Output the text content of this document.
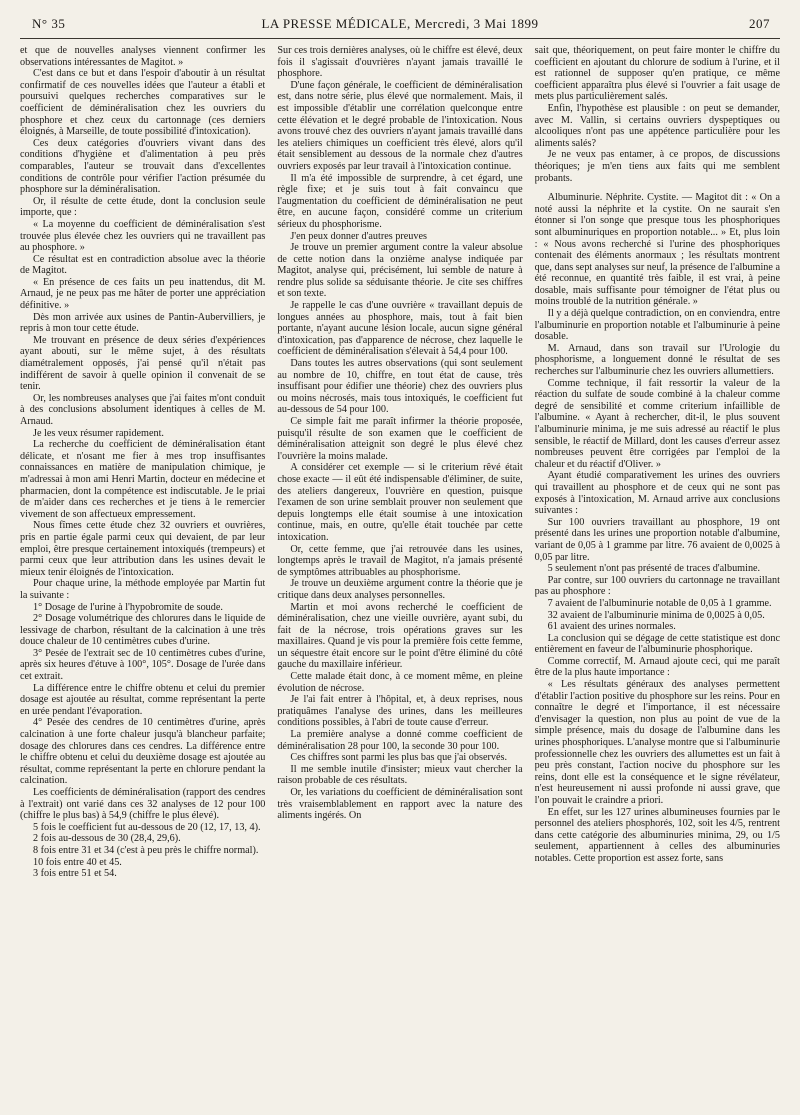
N° 35	LA PRESSE MÉDICALE, Mercredi, 3 Mai 1899	207

et que de nouvelles analyses viennent confirmer les observations intéressantes de Magitot. »

C'est dans ce but et dans l'espoir d'aboutir à un résultat confirmatif de ces nouvelles idées que l'auteur a établi et poursuivi quelques recherches comparatives sur le coefficient de déminéralisation chez les ouvriers du phosphore et chez ceux du cartonnage (ces derniers éloignés, à Marseille, de toute possibilité d'intoxication).

Ces deux catégories d'ouvriers vivant dans des conditions d'hygiène et d'alimentation à peu près comparables, l'auteur se trouvait dans d'excellentes conditions de contrôle pour vérifier l'action présumée du phosphore sur la déminéralisation.

Or, il résulte de cette étude, dont la conclusion seule importe, que :

« La moyenne du coefficient de déminéralisation s'est trouvée plus élevée chez les ouvriers qui ne travaillent pas au phosphore. »

Ce résultat est en contradiction absolue avec la théorie de Magitot.

« En présence de ces faits un peu inattendus, dit M. Arnaud, je ne peux pas me hâter de porter une appréciation définitive. »

Dès mon arrivée aux usines de Pantin-Aubervilliers, je repris à mon tour cette étude.

Me trouvant en présence de deux séries d'expériences ayant abouti, sur le même sujet, à des résultats diamétralement opposés, j'ai pensé qu'il n'était pas indifférent de savoir à quelle opinion il convenait de se tenir.

Or, les nombreuses analyses que j'ai faites m'ont conduit à des conclusions absolument identiques à celles de M. Arnaud.

Je les veux résumer rapidement.

La recherche du coefficient de déminéralisation étant délicate, et n'osant me fier à mes trop insuffisantes connaissances en matière de manipulation chimique, je m'adressai à mon ami Henri Martin, docteur en médecine et pharmacien, dont la compétence est indiscutable. Je le priai de m'aider dans ces recherches et je tiens à le remercier vivement de son affectueux empressement.

Nous fîmes cette étude chez 32 ouvriers et ouvrières, pris en partie égale parmi ceux qui devaient, de par leur emploi, être presque certainement intoxiqués (trempeurs) et parmi ceux que leur attribution dans les usines devait le mieux tenir éloignés de l'intoxication.

Pour chaque urine, la méthode employée par Martin fut la suivante :

1° Dosage de l'urine à l'hypobromite de soude.

2° Dosage volumétrique des chlorures dans le liquide de lessivage de charbon, résultant de la calcination à une très douce chaleur de 10 centimètres cubes d'urine.

3° Pesée de l'extrait sec de 10 centimètres cubes d'urine, après six heures d'étuve à 100°, 105°. Dosage de l'urée dans cet extrait.

La différence entre le chiffre obtenu et celui du premier dosage est ajoutée au résultat, comme représentant la perte en urée pendant l'évaporation.

4° Pesée des cendres de 10 centimètres d'urine, après calcination à une forte chaleur jusqu'à blancheur parfaite; dosage des chlorures dans ces cendres. La différence entre le chiffre obtenu et celui du deuxième dosage est ajoutée au résultat, comme représentant la perte en chlorure pendant la calcination.

Les coefficients de déminéralisation (rapport des cendres à l'extrait) ont varié dans ces 32 analyses de 12 pour 100 (chiffre le plus bas) à 54,9 (chiffre le plus élevé).

5 fois le coefficient fut au-dessous de 20 (12, 17, 13, 4).

2 fois au-dessous de 30 (28,4, 29,6).

8 fois entre 31 et 34 (c'est à peu près le chiffre normal).

10 fois entre 40 et 45.

3 fois entre 51 et 54.

Sur ces trois dernières analyses, où le chiffre est élevé, deux fois il s'agissait d'ouvrières n'ayant jamais travaillé le phosphore.

D'une façon générale, le coefficient de déminéralisation est, dans notre série, plus élevé que normalement. Mais, il est impossible d'établir une corrélation quelconque entre cette élévation et le degré probable de l'intoxication. Nous avons trouvé chez des ouvriers n'ayant jamais travaillé dans les ateliers chimiques un coefficient très élevé, alors qu'il était sensiblement au dessous de la normale chez d'autres ouvriers exposés par leur travail à l'intoxication continue.

Il m'a été impossible de surprendre, à cet égard, une règle fixe; et je suis tout à fait convaincu que l'augmentation du coefficient de déminéralisation ne peut être, en aucune façon, considéré comme un criterium sérieux du phosphorisme.

J'en peux donner d'autres preuves

Je trouve un premier argument contre la valeur absolue de cette notion dans la onzième analyse indiquée par Magitot, analyse qui, précisément, lui semble de nature à rendre plus solide sa séduisante théorie. Je cite ses chiffres et son texte.

Je rappelle le cas d'une ouvrière « travaillant depuis de longues années au phosphore, mais, tout à fait bien portante, n'ayant aucune lésion locale, aucun signe général d'intoxication, pas d'apparence de nécrose, chez laquelle le coefficient de déminéralisation s'élevait à 54,4 pour 100.

Dans toutes les autres observations (qui sont seulement au nombre de 10, chiffre, en tout état de cause, très insuffisant pour édifier une théorie) chez des ouvriers plus ou moins nécrosés, mais tous intoxiqués, le coefficient fut au-dessous de 54 pour 100.

Ce simple fait me paraît infirmer la théorie proposée, puisqu'il résulte de son examen que le coefficient de déminéralisation atteignit son degré le plus élevé chez l'ouvrière la moins malade.

A considérer cet exemple — si le criterium rêvé était chose exacte — il eût été indispensable d'éliminer, de suite, des ateliers dangereux, l'ouvrière en question, puisque l'examen de son urine semblait prouver non seulement que depuis longtemps elle était soumise à une intoxication continue, mais, en outre, qu'elle était touchée par cette intoxication.

Or, cette femme, que j'ai retrouvée dans les usines, longtemps après le travail de Magitot, n'a jamais présenté de symptômes attribuables au phosphorisme.

Je trouve un deuxième argument contre la théorie que je critique dans deux analyses personnelles.

Martin et moi avons recherché le coefficient de déminéralisation, chez une vieille ouvrière, ayant subi, du fait de la nécrose, trois opérations graves sur les maxillaires. Quand je vis pour la première fois cette femme, un séquestre était encore sur le point d'être éliminé du côté gauche du maxillaire inférieur.

Cette malade était donc, à ce moment même, en pleine évolution de nécrose.

Je l'ai fait entrer à l'hôpital, et, à deux reprises, nous pratiquâmes l'analyse des urines, dans les meilleures conditions possibles, à l'abri de toute cause d'erreur.

La première analyse a donné comme coefficient de déminéralisation 28 pour 100, la seconde 30 pour 100.

Ces chiffres sont parmi les plus bas que j'ai observés.

Il me semble inutile d'insister; mieux vaut chercher la raison probable de ces résultats.

Or, les variations du coefficient de déminéralisation sont très vraisemblablement en rapport avec la nature des aliments ingérés. On

sait que, théoriquement, on peut faire monter le chiffre du coefficient en ajoutant du chlorure de sodium à l'urine, et il est rationnel de supposer qu'en pratique, ce même coefficient apparaîtra plus élevé si l'ouvrier a fait usage de mets plus particulièrement salés.

Enfin, l'hypothèse est plausible : on peut se demander, avec M. Vallin, si certains ouvriers dyspeptiques ou alcooliques n'ont pas une appétence particulière pour les aliments salés?

Je ne veux pas entamer, à ce propos, de discussions théoriques; je m'en tiens aux faits qui me semblent probants.

Albuminurie. Néphrite. Cystite. — Magitot dit : « On a noté aussi la néphrite et la cystite. On ne saurait s'en étonner si l'on songe que presque tous les phosphoriques sont albuminuriques en proportion notable... » Et, plus loin : « Nous avons recherché si l'urine des phosphoriques contenait des éléments anormaux ; les résultats montrent que, dans sept analyses sur neuf, la présence de l'albumine a été reconnue, en quantité très faible, il est vrai, à peine dosable, mais suffisante pour témoigner de l'état plus ou moins troublé de la nutrition générale. »

Il y a déjà quelque contradiction, on en conviendra, entre l'albuminurie en proportion notable et l'albuminurie à peine dosable.

M. Arnaud, dans son travail sur l'Urologie du phosphorisme, a longuement donné le résultat de ses recherches sur l'albuminurie chez les ouvriers allumettiers.

Comme technique, il fait ressortir la valeur de la réaction du sulfate de soude combiné à la chaleur comme degré de sensibilité et comme criterium infaillible de l'albumine. « Ayant à rechercher, dit-il, le plus souvent l'albuminurie minima, je me suis adressé au réactif le plus sensible, le réactif de Millard, dont les causes d'erreur assez nombreuses peuvent être corrigées par l'emploi de la chaleur et du réactif d'Oliver. »

Ayant étudié comparativement les urines des ouvriers qui travaillent au phosphore et de ceux qui ne sont pas exposés à l'intoxication, M. Arnaud arrive aux conclusions suivantes :

Sur 100 ouvriers travaillant au phosphore, 19 ont présenté dans les urines une proportion notable d'albumine, variant de 0,05 à 1 gramme par litre. 76 avaient de 0,0025 à 0,05 par litre.

5 seulement n'ont pas présenté de traces d'albumine.

Par contre, sur 100 ouvriers du cartonnage ne travaillant pas au phosphore :

7 avaient de l'albuminurie notable de 0,05 à 1 gramme.

32 avaient de l'albuminurie minima de 0,0025 à 0,05.

61 avaient des urines normales.

La conclusion qui se dégage de cette statistique est donc entièrement en faveur de l'albuminurie phosphorique.

Comme correctif, M. Arnaud ajoute ceci, qui me paraît être de la plus haute importance :

« Les résultats généraux des analyses permettent d'établir l'action positive du phosphore sur les reins. Pour en connaître le degré et l'importance, il est nécessaire d'envisager la question, non plus au point de vue de la simple présence, mais du dosage de l'albumine dans les urines phosphoriques. L'analyse montre que si l'albuminurie professionnelle chez les ouvriers des allumettes est un fait à peu près constant, l'action nocive du phosphore sur les reins, dont elle est la conséquence et le signe révélateur, n'est heureusement ni aussi profonde ni aussi grave, que l'on pouvait le craindre a priori.

En effet, sur les 127 urines albumineuses fournies par le personnel des ateliers phosphorés, 102, soit les 4/5, rentrent dans cette catégorie des albuminuries minima, 29, ou 1/5 seulement, appartiennent à celles des albuminuries notables. Cette proportion est assez forte, sans
